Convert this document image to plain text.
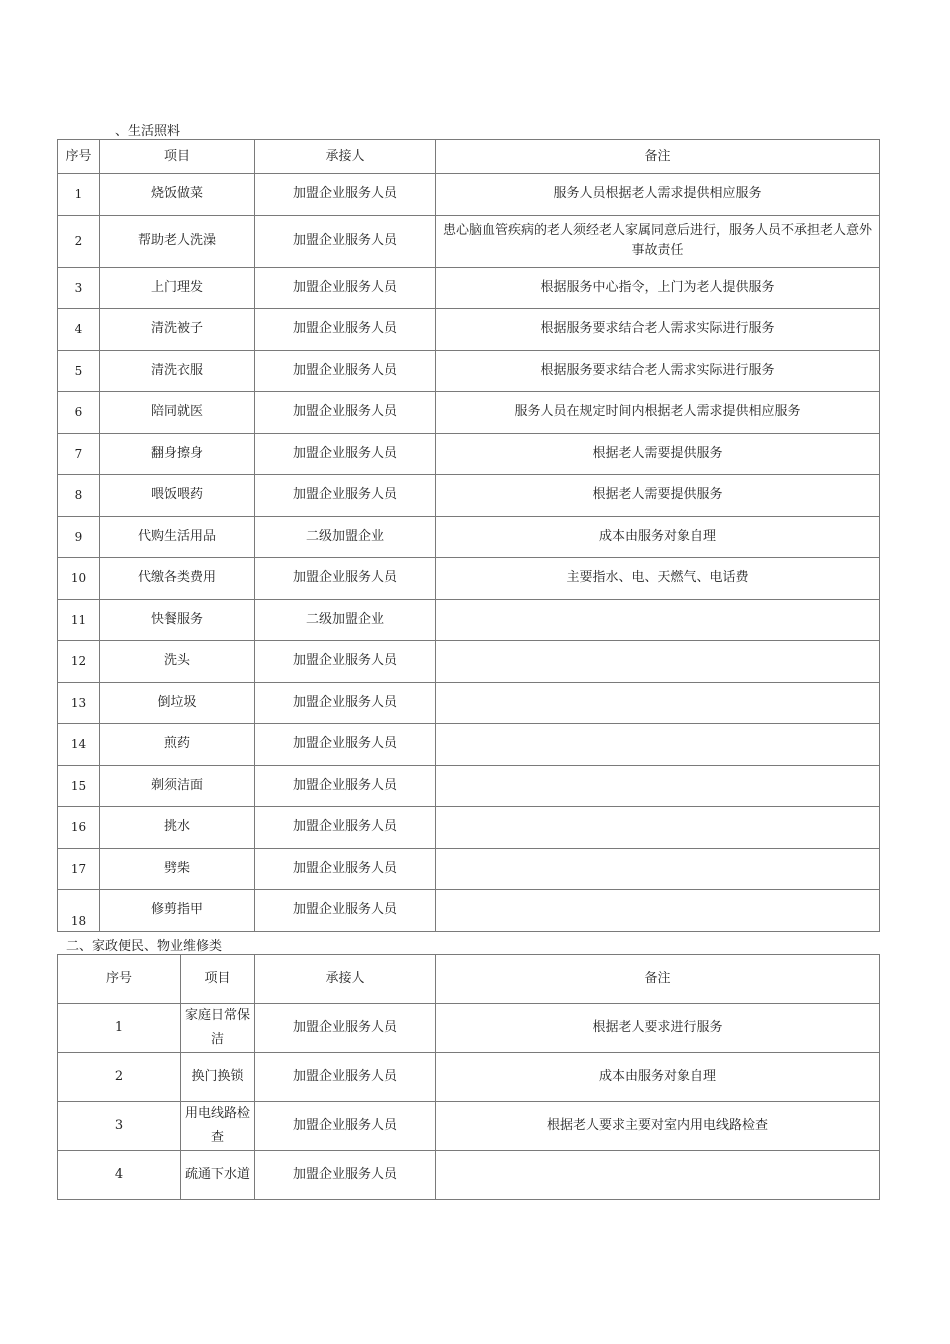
、生活照料
序号	项目	承接人	备注
1	烧饭做菜	加盟企业服务人员	服务人员根据老人需求提供相应服务
2	帮助老人洗澡	加盟企业服务人员	患心脑血管疾病的老人须经老人家属同意后进行，服务人员不承担老人意外事故责任
3	上门理发	加盟企业服务人员	根据服务中心指令，上门为老人提供服务
4	清洗被子	加盟企业服务人员	根据服务要求结合老人需求实际进行服务
5	清洗衣服	加盟企业服务人员	根据服务要求结合老人需求实际进行服务
6	陪同就医	加盟企业服务人员	服务人员在规定时间内根据老人需求提供相应服务
7	翻身擦身	加盟企业服务人员	根据老人需要提供服务
8	喂饭喂药	加盟企业服务人员	根据老人需要提供服务
9	代购生活用品	二级加盟企业	成本由服务对象自理
10	代缴各类费用	加盟企业服务人员	主要指水、电、天燃气、电话费
11	快餐服务	二级加盟企业	
12	洗头	加盟企业服务人员	
13	倒垃圾	加盟企业服务人员	
14	煎药	加盟企业服务人员	
15	剃须洁面	加盟企业服务人员	
16	挑水	加盟企业服务人员	
17	劈柴	加盟企业服务人员	
18	修剪指甲	加盟企业服务人员	
二、家政便民、物业维修类
序号	项目	承接人	备注
1	家庭日常保洁	加盟企业服务人员	根据老人要求进行服务
2	换门换锁	加盟企业服务人员	成本由服务对象自理
3	用电线路检查	加盟企业服务人员	根据老人要求主要对室内用电线路检查
4	疏通下水道	加盟企业服务人员	
